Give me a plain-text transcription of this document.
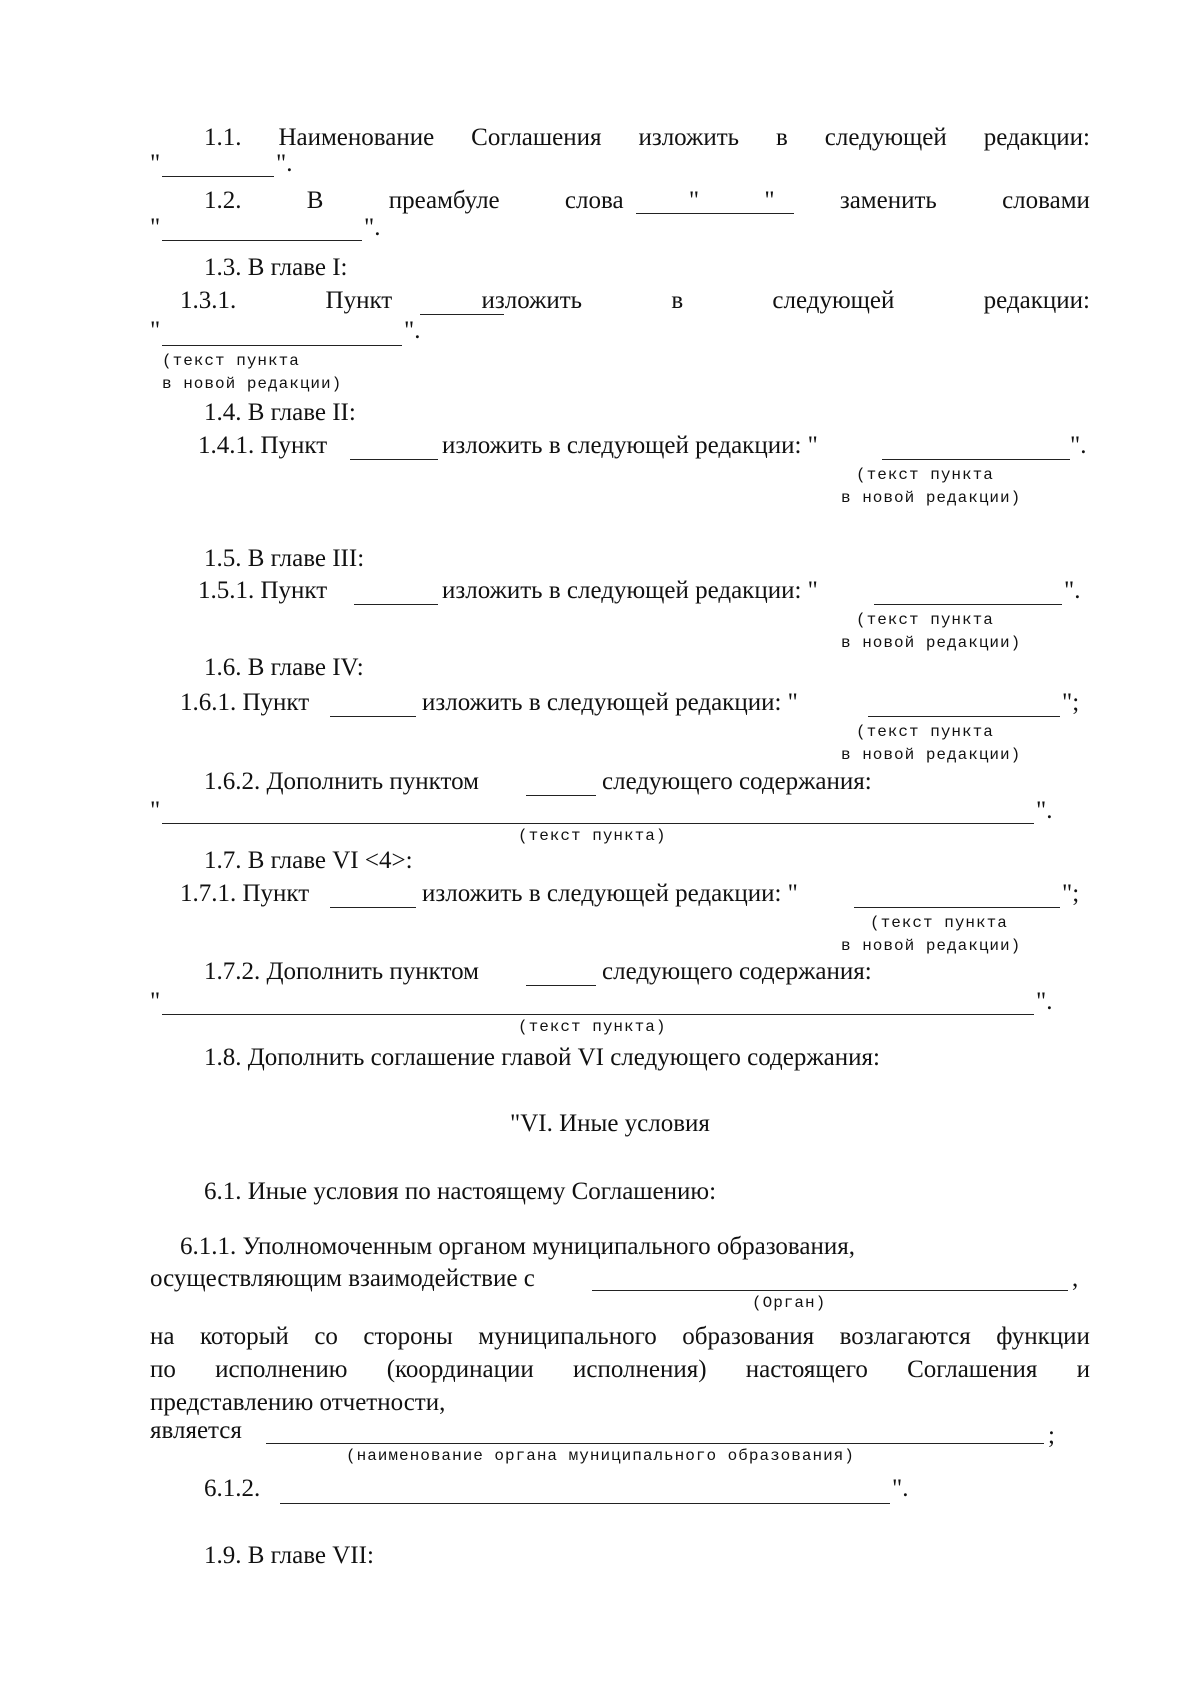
1.1. Наименование Соглашения изложить в следующей редакции:
"	".
1.2.	В	преамбуле	слова	"	"	заменить	словами
"	".
1.3. В главе I:
1.3.1.	Пункт	изложить	в	следующей	редакции:
"	".
(текст пункта
в новой редакции)
1.4. В главе II:
1.4.1. Пункт	изложить в следующей редакции: "	".
(текст пункта
в новой редакции)
1.5. В главе III:
1.5.1. Пункт	изложить в следующей редакции: "	".
(текст пункта
в новой редакции)
1.6. В главе IV:
1.6.1. Пункт	изложить в следующей редакции: "	";
(текст пункта
в новой редакции)
1.6.2. Дополнить пунктом	следующего содержания:
"	".
(текст пункта)
1.7. В главе VI <4>:
1.7.1. Пункт	изложить в следующей редакции: "	";
(текст пункта
в новой редакции)
1.7.2. Дополнить пунктом	следующего содержания:
"	".
(текст пункта)
1.8. Дополнить соглашение главой VI следующего содержания:
"VI. Иные условия
6.1. Иные условия по настоящему Соглашению:
6.1.1. Уполномоченным органом муниципального образования,
осуществляющим взаимодействие с	,
(Орган)
на который со стороны муниципального образования возлагаются функции
по исполнению (координации исполнения) настоящего Соглашения и
представлению отчетности,
является	;
(наименование органа муниципального образования)
6.1.2.	".
1.9. В главе VII:
